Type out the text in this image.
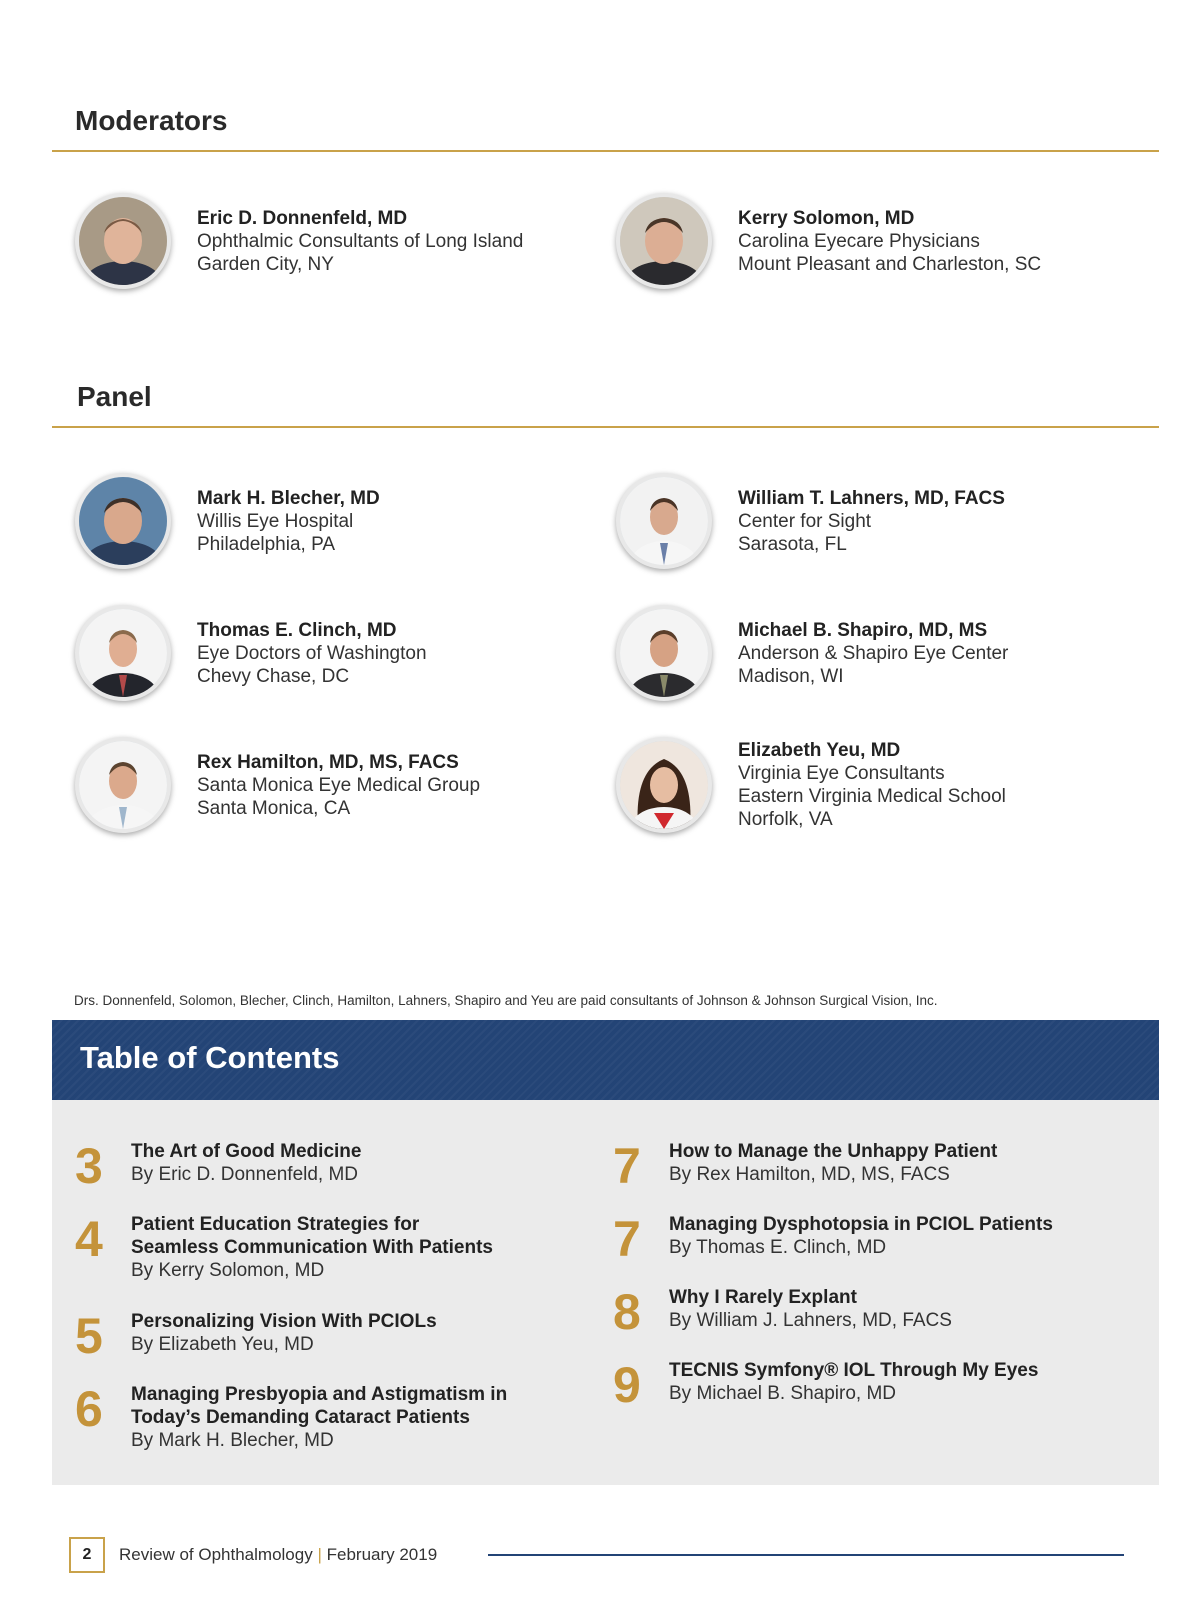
Moderators
Eric D. Donnenfeld, MD
Ophthalmic Consultants of Long Island
Garden City, NY
Kerry Solomon, MD
Carolina Eyecare Physicians
Mount Pleasant and Charleston, SC
Panel
Mark H. Blecher, MD
Willis Eye Hospital
Philadelphia, PA
William T. Lahners, MD, FACS
Center for Sight
Sarasota, FL
Thomas E. Clinch, MD
Eye Doctors of Washington
Chevy Chase, DC
Michael B. Shapiro, MD, MS
Anderson & Shapiro Eye Center
Madison, WI
Rex Hamilton, MD, MS, FACS
Santa Monica Eye Medical Group
Santa Monica, CA
Elizabeth Yeu, MD
Virginia Eye Consultants
Eastern Virginia Medical School
Norfolk, VA

Drs. Donnenfeld, Solomon, Blecher, Clinch, Hamilton, Lahners, Shapiro and Yeu are paid consultants of Johnson & Johnson Surgical Vision, Inc.

Table of Contents
3	The Art of Good Medicine
By Eric D. Donnenfeld, MD
4	Patient Education Strategies for
Seamless Communication With Patients
By Kerry Solomon, MD
5	Personalizing Vision With PCIOLs
By Elizabeth Yeu, MD
6	Managing Presbyopia and Astigmatism in
Today’s Demanding Cataract Patients
By Mark H. Blecher, MD
7	How to Manage the Unhappy Patient
By Rex Hamilton, MD, MS, FACS
7	Managing Dysphotopsia in PCIOL Patients
By Thomas E. Clinch, MD
8	Why I Rarely Explant
By William J. Lahners, MD, FACS
9	TECNIS Symfony® IOL Through My Eyes
By Michael B. Shapiro, MD
2	Review of Ophthalmology | February 2019
